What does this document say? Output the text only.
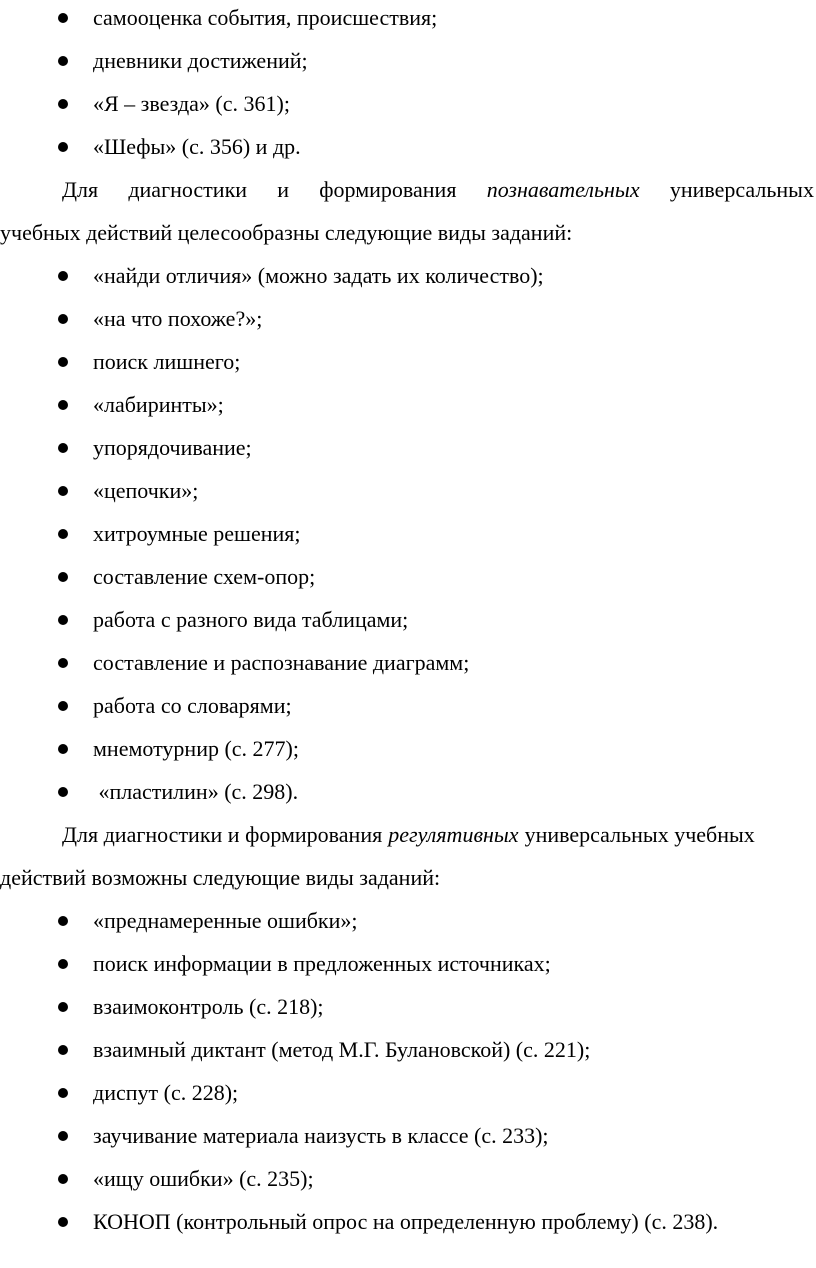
самооценка события, происшествия;
дневники достижений;
«Я – звезда» (с. 361);
«Шефы» (с. 356) и др.
Для диагностики и формирования познавательных универсальных
учебных действий целесообразны следующие виды заданий:
«найди отличия» (можно задать их количество);
«на что похоже?»;
поиск лишнего;
«лабиринты»;
упорядочивание;
«цепочки»;
хитроумные решения;
составление схем-опор;
работа с разного вида таблицами;
составление и распознавание диаграмм;
работа со словарями;
мнемотурнир (с. 277);
«пластилин» (с. 298).
Для диагностики и формирования регулятивных универсальных учебных
действий возможны следующие виды заданий:
«преднамеренные ошибки»;
поиск информации в предложенных источниках;
взаимоконтроль (с. 218);
взаимный диктант (метод М.Г. Булановской) (с. 221);
диспут (с. 228);
заучивание материала наизусть в классе (с. 233);
«ищу ошибки» (с. 235);
КОНОП (контрольный опрос на определенную проблему) (с. 238).
